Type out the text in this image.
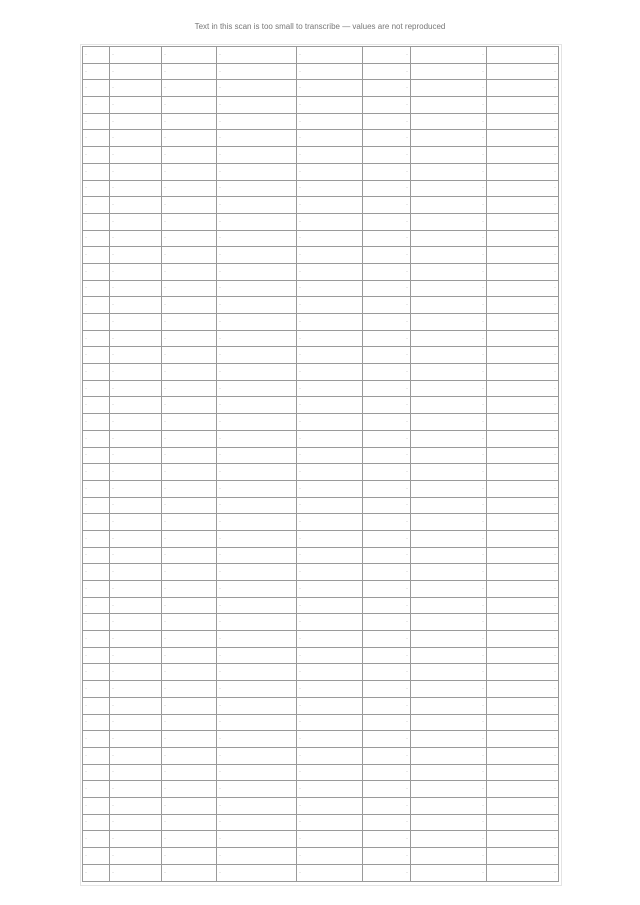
Text in this scan is too small to transcribe — values are not reproduced
—	—	—	—	—	—	—	—
—	—	—	—	—	—	—	—
—	—	—	—	—	—	—	—
—	—	—	—	—	—	—	—
—	—	—	—	—	—	—	—
—	—	—	—	—	—	—	—
—	—	—	—	—	—	—	—
—	—	—	—	—	—	—	—
—	—	—	—	—	—	—	—
—	—	—	—	—	—	—	—
—	—	—	—	—	—	—	—
—	—	—	—	—	—	—	—
—	—	—	—	—	—	—	—
—	—	—	—	—	—	—	—
—	—	—	—	—	—	—	—
—	—	—	—	—	—	—	—
—	—	—	—	—	—	—	—
—	—	—	—	—	—	—	—
—	—	—	—	—	—	—	—
—	—	—	—	—	—	—	—
—	—	—	—	—	—	—	—
—	—	—	—	—	—	—	—
—	—	—	—	—	—	—	—
—	—	—	—	—	—	—	—
—	—	—	—	—	—	—	—
—	—	—	—	—	—	—	—
—	—	—	—	—	—	—	—
—	—	—	—	—	—	—	—
—	—	—	—	—	—	—	—
—	—	—	—	—	—	—	—
—	—	—	—	—	—	—	—
—	—	—	—	—	—	—	—
—	—	—	—	—	—	—	—
—	—	—	—	—	—	—	—
—	—	—	—	—	—	—	—
—	—	—	—	—	—	—	—
—	—	—	—	—	—	—	—
—	—	—	—	—	—	—	—
—	—	—	—	—	—	—	—
—	—	—	—	—	—	—	—
—	—	—	—	—	—	—	—
—	—	—	—	—	—	—	—
—	—	—	—	—	—	—	—
—	—	—	—	—	—	—	—
—	—	—	—	—	—	—	—
—	—	—	—	—	—	—	—
—	—	—	—	—	—	—	—
—	—	—	—	—	—	—	—
—	—	—	—	—	—	—	—
—	—	—	—	—	—	—	—
